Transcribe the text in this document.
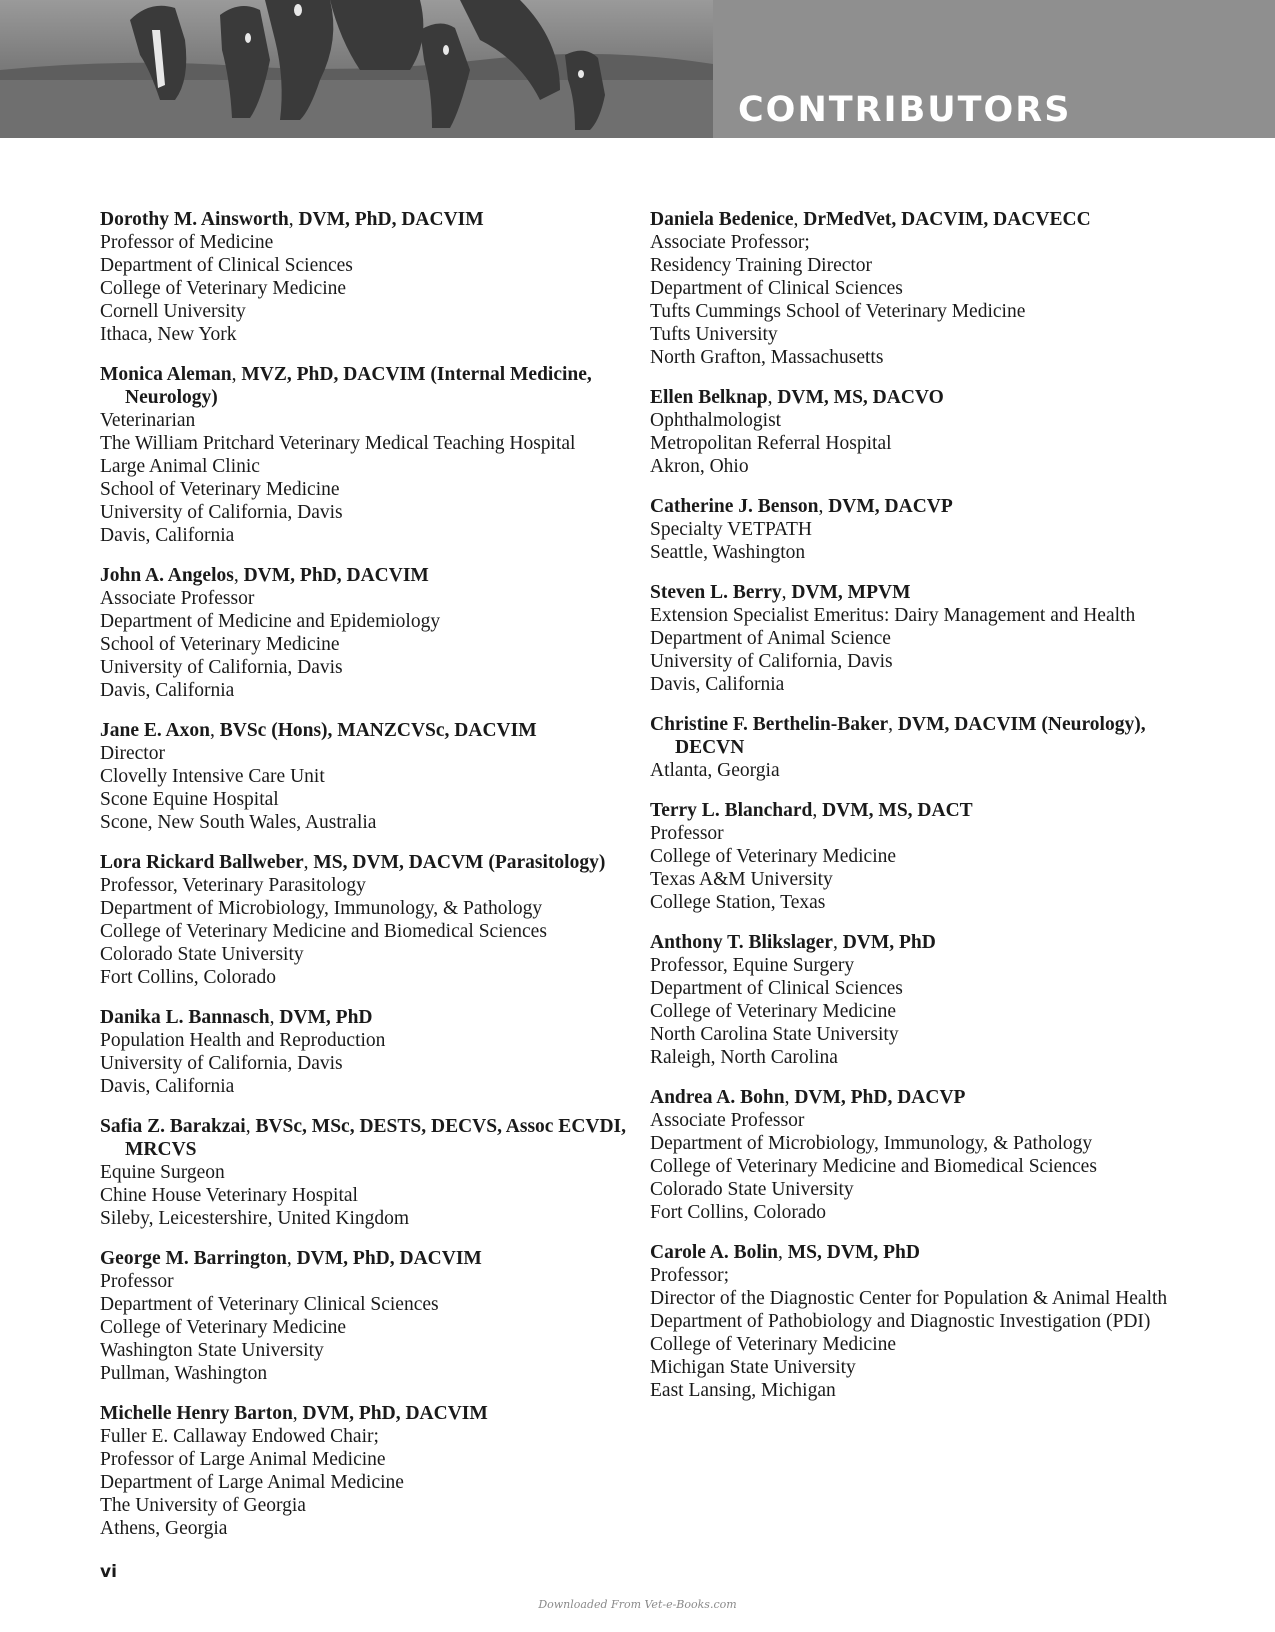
CONTRIBUTORS
Dorothy M. Ainsworth, DVM, PhD, DACVIM
Professor of Medicine
Department of Clinical Sciences
College of Veterinary Medicine
Cornell University
Ithaca, New York
Monica Aleman, MVZ, PhD, DACVIM (Internal Medicine, Neurology)
Veterinarian
The William Pritchard Veterinary Medical Teaching Hospital
Large Animal Clinic
School of Veterinary Medicine
University of California, Davis
Davis, California
John A. Angelos, DVM, PhD, DACVIM
Associate Professor
Department of Medicine and Epidemiology
School of Veterinary Medicine
University of California, Davis
Davis, California
Jane E. Axon, BVSc (Hons), MANZCVSc, DACVIM
Director
Clovelly Intensive Care Unit
Scone Equine Hospital
Scone, New South Wales, Australia
Lora Rickard Ballweber, MS, DVM, DACVM (Parasitology)
Professor, Veterinary Parasitology
Department of Microbiology, Immunology, & Pathology
College of Veterinary Medicine and Biomedical Sciences
Colorado State University
Fort Collins, Colorado
Danika L. Bannasch, DVM, PhD
Population Health and Reproduction
University of California, Davis
Davis, California
Safia Z. Barakzai, BVSc, MSc, DESTS, DECVS, Assoc ECVDI, MRCVS
Equine Surgeon
Chine House Veterinary Hospital
Sileby, Leicestershire, United Kingdom
George M. Barrington, DVM, PhD, DACVIM
Professor
Department of Veterinary Clinical Sciences
College of Veterinary Medicine
Washington State University
Pullman, Washington
Michelle Henry Barton, DVM, PhD, DACVIM
Fuller E. Callaway Endowed Chair;
Professor of Large Animal Medicine
Department of Large Animal Medicine
The University of Georgia
Athens, Georgia
Daniela Bedenice, DrMedVet, DACVIM, DACVECC
Associate Professor;
Residency Training Director
Department of Clinical Sciences
Tufts Cummings School of Veterinary Medicine
Tufts University
North Grafton, Massachusetts
Ellen Belknap, DVM, MS, DACVO
Ophthalmologist
Metropolitan Referral Hospital
Akron, Ohio
Catherine J. Benson, DVM, DACVP
Specialty VETPATH
Seattle, Washington
Steven L. Berry, DVM, MPVM
Extension Specialist Emeritus: Dairy Management and Health
Department of Animal Science
University of California, Davis
Davis, California
Christine F. Berthelin-Baker, DVM, DACVIM (Neurology), DECVN
Atlanta, Georgia
Terry L. Blanchard, DVM, MS, DACT
Professor
College of Veterinary Medicine
Texas A&M University
College Station, Texas
Anthony T. Blikslager, DVM, PhD
Professor, Equine Surgery
Department of Clinical Sciences
College of Veterinary Medicine
North Carolina State University
Raleigh, North Carolina
Andrea A. Bohn, DVM, PhD, DACVP
Associate Professor
Department of Microbiology, Immunology, & Pathology
College of Veterinary Medicine and Biomedical Sciences
Colorado State University
Fort Collins, Colorado
Carole A. Bolin, MS, DVM, PhD
Professor;
Director of the Diagnostic Center for Population & Animal Health
Department of Pathobiology and Diagnostic Investigation (PDI)
College of Veterinary Medicine
Michigan State University
East Lansing, Michigan
vi
Downloaded From Vet-e-Books.com
